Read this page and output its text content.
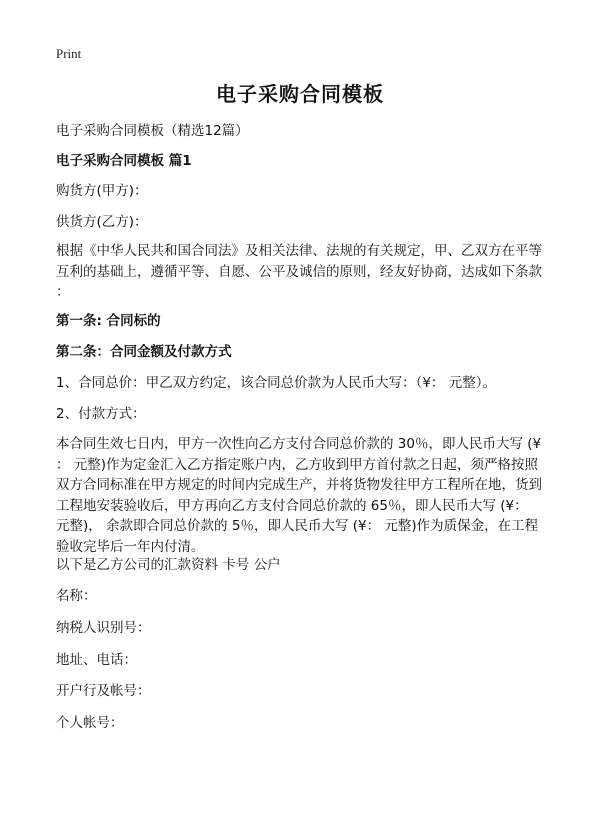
Print
电子采购合同模板
电子采购合同模板（精选12篇）
电子采购合同模板 篇1
购货方(甲方)：
供货方(乙方)：
根据《中华人民共和国合同法》及相关法律、法规的有关规定，甲、乙双方在平等
互利的基础上，遵循平等、自愿、公平及诚信的原则，经友好协商，达成如下条款
：
第一条: 合同标的
第二条：合同金额及付款方式
1、合同总价：甲乙双方约定，该合同总价款为人民币大写：（¥： 元整）。
2、付款方式：
本合同生效七日内，甲方一次性向乙方支付合同总价款的 30％，即人民币大写 (¥
： 元整)作为定金汇入乙方指定账户内，乙方收到甲方首付款之日起，须严格按照
双方合同标准在甲方规定的时间内完成生产，并将货物发往甲方工程所在地，货到
工程地安装验收后，甲方再向乙方支付合同总价款的 65％，即人民币大写 (¥：
元整)， 余款即合同总价款的 5％，即人民币大写 (¥： 元整)作为质保金，在工程
验收完毕后一年内付清。
以下是乙方公司的汇款资料 卡号 公户
名称：
纳税人识别号：
地址、电话：
开户行及帐号：
个人帐号：
